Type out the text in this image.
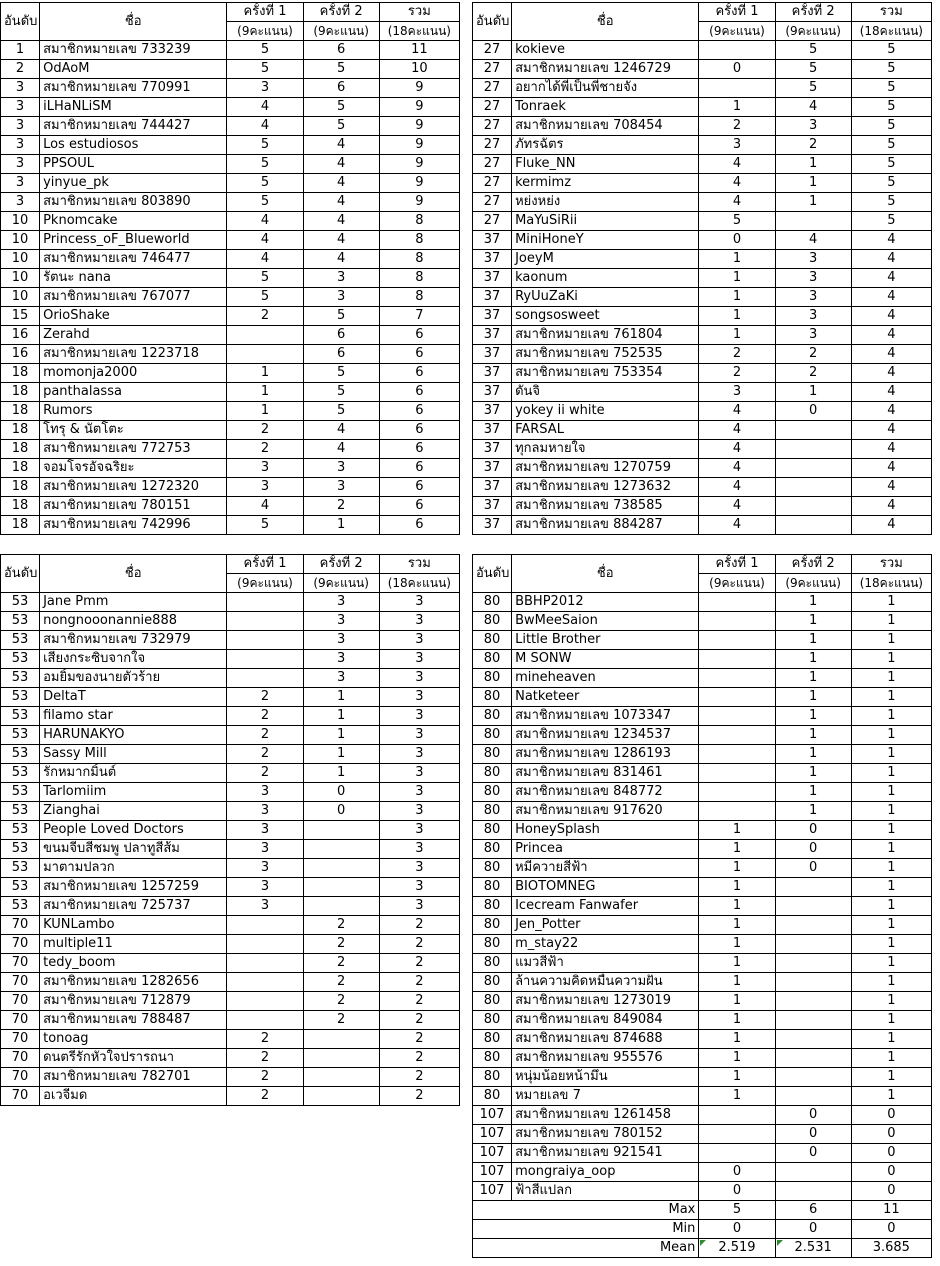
อันดับ	ชื่อ	ครั้งที่ 1	ครั้งที่ 2	รวม
		(9คะแนน)	(9คะแนน)	(18คะแนน)
1	สมาชิกหมายเลข 733239	5	6	11
2	OdAoM	5	5	10
3	สมาชิกหมายเลข 770991	3	6	9
3	iLHaNLiSM	4	5	9
3	สมาชิกหมายเลข 744427	4	5	9
3	Los estudiosos	5	4	9
3	PPSOUL	5	4	9
3	yinyue_pk	5	4	9
3	สมาชิกหมายเลข 803890	5	4	9
10	Pknomcake	4	4	8
10	Princess_oF_Blueworld	4	4	8
10	สมาชิกหมายเลข 746477	4	4	8
10	รัตนะ nana	5	3	8
10	สมาชิกหมายเลข 767077	5	3	8
15	OrioShake	2	5	7
16	Zerahd		6	6
16	สมาชิกหมายเลข 1223718		6	6
18	momonja2000	1	5	6
18	panthalassa	1	5	6
18	Rumors	1	5	6
18	โทรุ & นัตโตะ	2	4	6
18	สมาชิกหมายเลข 772753	2	4	6
18	จอมโจรอัจฉริยะ	3	3	6
18	สมาชิกหมายเลข 1272320	3	3	6
18	สมาชิกหมายเลข 780151	4	2	6
18	สมาชิกหมายเลข 742996	5	1	6
อันดับ	ชื่อ	ครั้งที่ 1	ครั้งที่ 2	รวม
		(9คะแนน)	(9คะแนน)	(18คะแนน)
27	kokieve		5	5
27	สมาชิกหมายเลข 1246729	0	5	5
27	อยากได้พี่เป็นพี่ชายจัง		5	5
27	Tonraek	1	4	5
27	สมาชิกหมายเลข 708454	2	3	5
27	ภัทรฉัตร	3	2	5
27	Fluke_NN	4	1	5
27	kermimz	4	1	5
27	หย่งหย่ง	4	1	5
27	MaYuSiRii	5		5
37	MiniHoneY	0	4	4
37	JoeyM	1	3	4
37	kaonum	1	3	4
37	RyUuZaKi	1	3	4
37	songsosweet	1	3	4
37	สมาชิกหมายเลข 761804	1	3	4
37	สมาชิกหมายเลข 752535	2	2	4
37	สมาชิกหมายเลข 753354	2	2	4
37	ดันจิ	3	1	4
37	yokey ii white	4	0	4
37	FARSAL	4		4
37	ทุกลมหายใจ	4		4
37	สมาชิกหมายเลข 1270759	4		4
37	สมาชิกหมายเลข 1273632	4		4
37	สมาชิกหมายเลข 738585	4		4
37	สมาชิกหมายเลข 884287	4		4
อันดับ	ชื่อ	ครั้งที่ 1	ครั้งที่ 2	รวม
		(9คะแนน)	(9คะแนน)	(18คะแนน)
53	Jane Pmm		3	3
53	nongnooonannie888		3	3
53	สมาชิกหมายเลข 732979		3	3
53	เสียงกระซิบจากใจ		3	3
53	อมยิ้มของนายตัวร้าย		3	3
53	DeltaT	2	1	3
53	filamo star	2	1	3
53	HARUNAKYO	2	1	3
53	Sassy Mill	2	1	3
53	รักหมากมิ้นต์	2	1	3
53	Tarlomiim	3	0	3
53	Zianghai	3	0	3
53	People Loved Doctors	3		3
53	ขนมจีบสีชมพู ปลาทูสีส้ม	3		3
53	มาตามปลวก	3		3
53	สมาชิกหมายเลข 1257259	3		3
53	สมาชิกหมายเลข 725737	3		3
70	KUNLambo		2	2
70	multiple11		2	2
70	tedy_boom		2	2
70	สมาชิกหมายเลข 1282656		2	2
70	สมาชิกหมายเลข 712879		2	2
70	สมาชิกหมายเลข 788487		2	2
70	tonoag	2		2
70	ดนตรีรักหัวใจปรารถนา	2		2
70	สมาชิกหมายเลข 782701	2		2
70	อเวจีมด	2		2
อันดับ	ชื่อ	ครั้งที่ 1	ครั้งที่ 2	รวม
		(9คะแนน)	(9คะแนน)	(18คะแนน)
80	BBHP2012		1	1
80	BwMeeSaion		1	1
80	Little Brother		1	1
80	M SONW		1	1
80	mineheaven		1	1
80	Natketeer		1	1
80	สมาชิกหมายเลข 1073347		1	1
80	สมาชิกหมายเลข 1234537		1	1
80	สมาชิกหมายเลข 1286193		1	1
80	สมาชิกหมายเลข 831461		1	1
80	สมาชิกหมายเลข 848772		1	1
80	สมาชิกหมายเลข 917620		1	1
80	HoneySplash	1	0	1
80	Princea	1	0	1
80	หมีควายสีฟ้า	1	0	1
80	BIOTOMNEG	1		1
80	Icecream Fanwafer	1		1
80	Jen_Potter	1		1
80	m_stay22	1		1
80	แมวสีฟ้า	1		1
80	ล้านความคิดหมื่นความฝัน	1		1
80	สมาชิกหมายเลข 1273019	1		1
80	สมาชิกหมายเลข 849084	1		1
80	สมาชิกหมายเลข 874688	1		1
80	สมาชิกหมายเลข 955576	1		1
80	หนุ่มน้อยหน้ามึน	1		1
80	หมายเลข 7	1		1
107	สมาชิกหมายเลข 1261458		0	0
107	สมาชิกหมายเลข 780152		0	0
107	สมาชิกหมายเลข 921541		0	0
107	mongraiya_oop	0		0
107	ฟ้าสีแปลก	0		0
Max		5	6	11
Min		0	0	0
Mean		2.519	2.531	3.685
